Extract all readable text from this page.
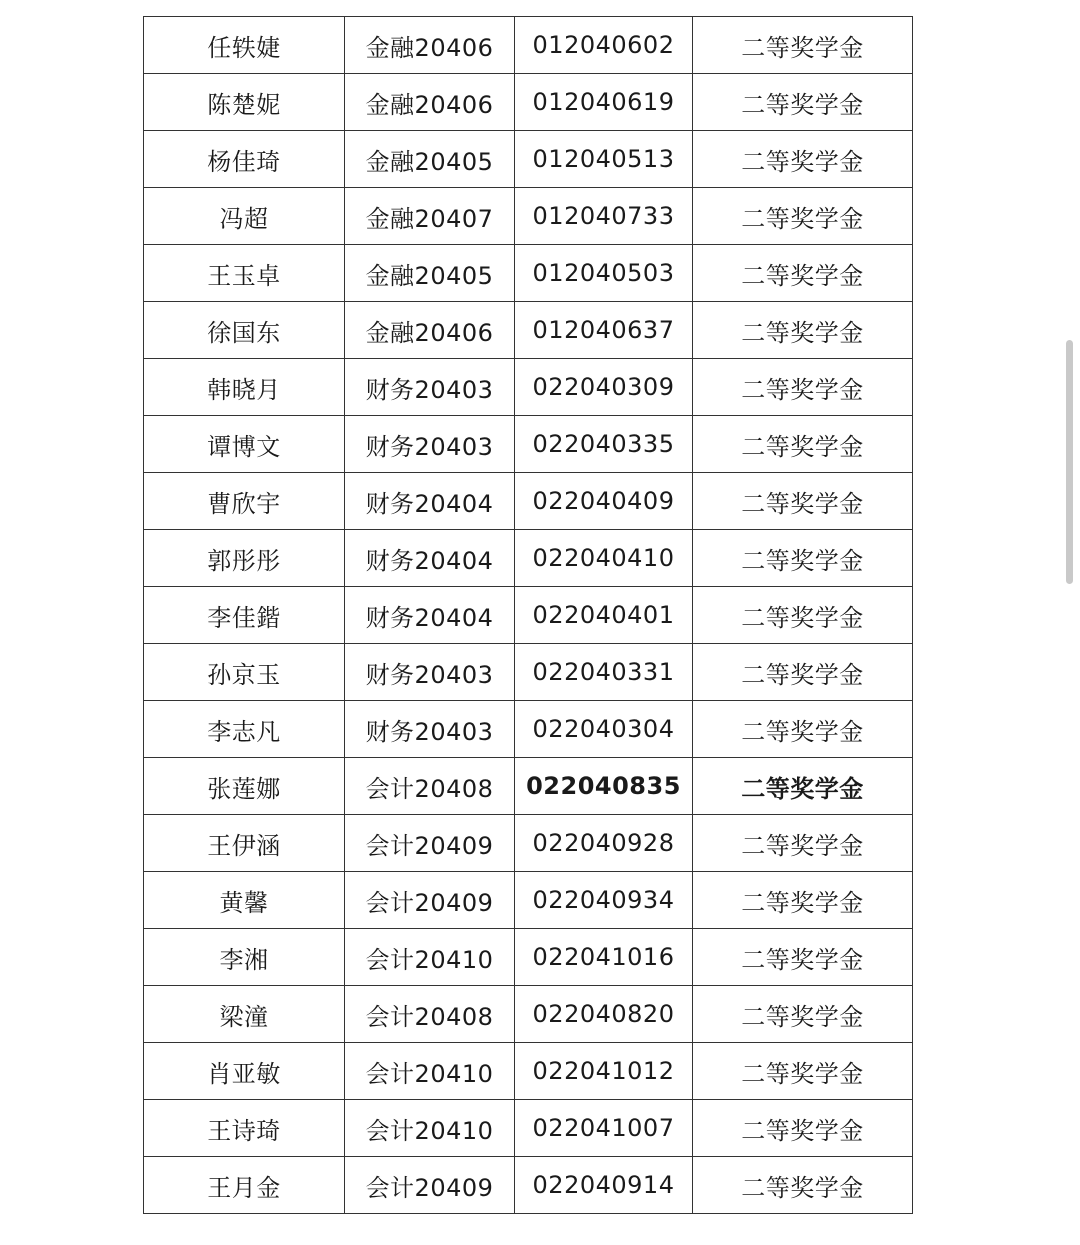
任轶婕	金融20406	012040602	二等奖学金
陈楚妮	金融20406	012040619	二等奖学金
杨佳琦	金融20405	012040513	二等奖学金
冯超	金融20407	012040733	二等奖学金
王玉卓	金融20405	012040503	二等奖学金
徐国东	金融20406	012040637	二等奖学金
韩晓月	财务20403	022040309	二等奖学金
谭博文	财务20403	022040335	二等奖学金
曹欣宇	财务20404	022040409	二等奖学金
郭彤彤	财务20404	022040410	二等奖学金
李佳鍇	财务20404	022040401	二等奖学金
孙京玉	财务20403	022040331	二等奖学金
李志凡	财务20403	022040304	二等奖学金
张莲娜	会计20408	022040835	二等奖学金
王伊涵	会计20409	022040928	二等奖学金
黄馨	会计20409	022040934	二等奖学金
李湘	会计20410	022041016	二等奖学金
梁潼	会计20408	022040820	二等奖学金
肖亚敏	会计20410	022041012	二等奖学金
王诗琦	会计20410	022041007	二等奖学金
王月金	会计20409	022040914	二等奖学金
